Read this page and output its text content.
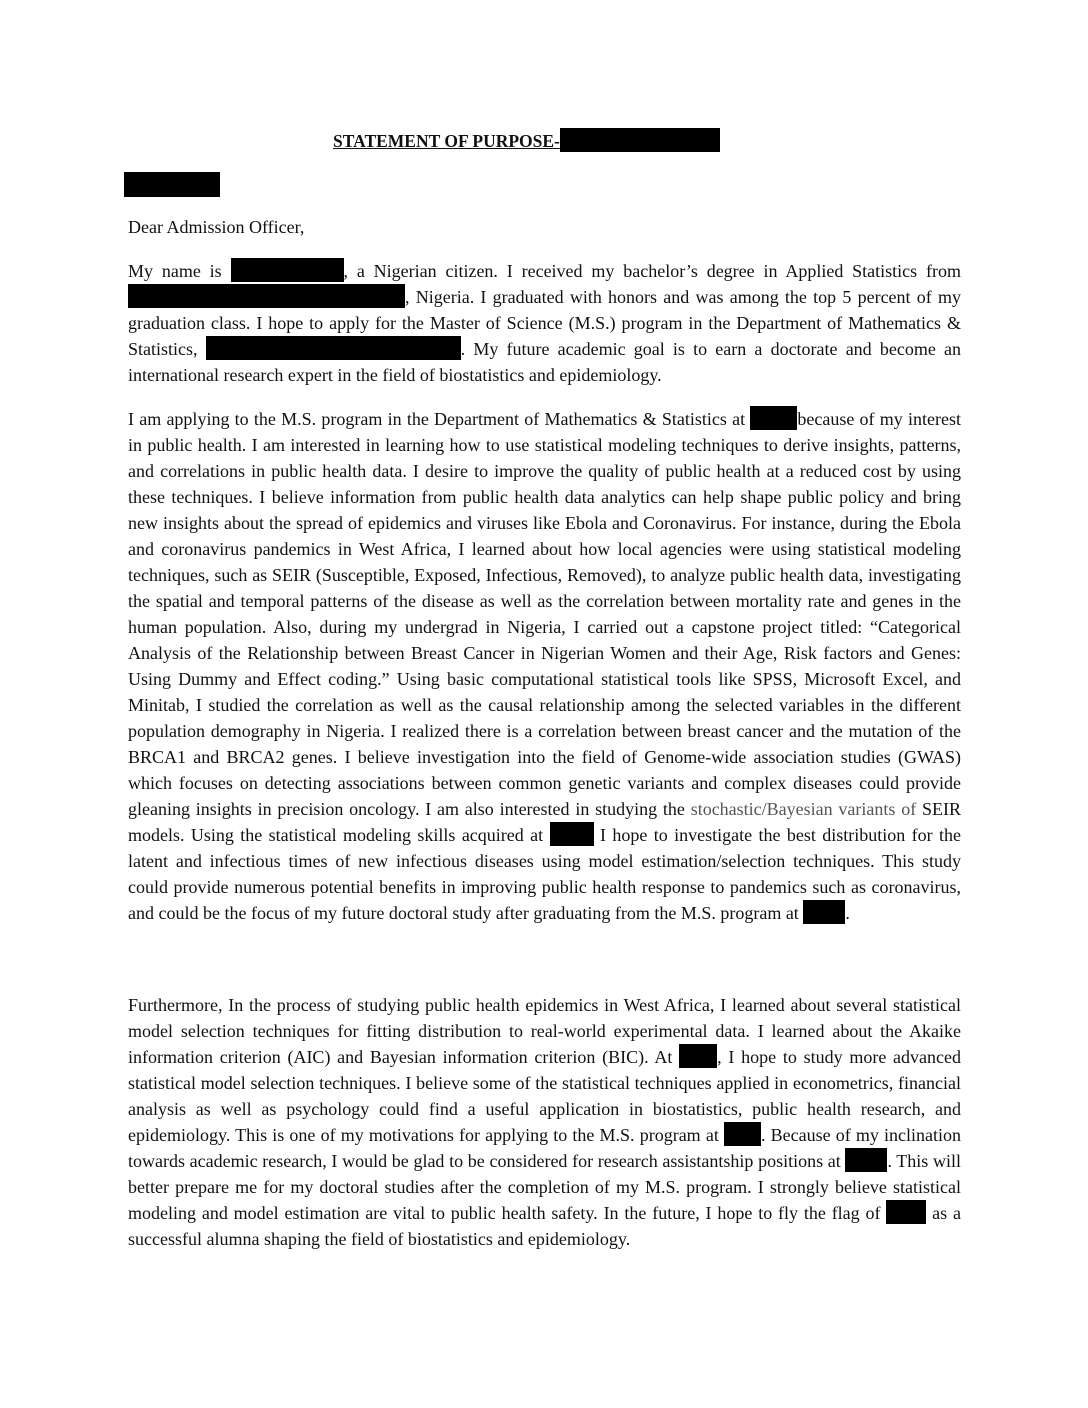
STATEMENT OF PURPOSE-
Dear Admission Officer,

My name is	, a Nigerian citizen. I received my bachelor’s degree in Applied Statistics from , Nigeria. I graduated with honors and was among the top 5 percent of my graduation class. I hope to apply for the Master of Science (M.S.) program in the Department of Mathematics & Statistics,	. My future academic goal is to earn a doctorate and become an international research expert in the field of biostatistics and epidemiology.

I am applying to the M.S. program in the Department of Mathematics & Statistics at	because of my interest in public health. I am interested in learning how to use statistical modeling techniques to derive insights, patterns, and correlations in public health data. I desire to improve the quality of public health at a reduced cost by using these techniques. I believe information from public health data analytics can help shape public policy and bring new insights about the spread of epidemics and viruses like Ebola and Coronavirus. For instance, during the Ebola and coronavirus pandemics in West Africa, I learned about how local agencies were using statistical modeling techniques, such as SEIR (Susceptible, Exposed, Infectious, Removed), to analyze public health data, investigating the spatial and temporal patterns of the disease as well as the correlation between mortality rate and genes in the human population. Also, during my undergrad in Nigeria, I carried out a capstone project titled: “Categorical Analysis of the Relationship between Breast Cancer in Nigerian Women and their Age, Risk factors and Genes: Using Dummy and Effect coding.” Using basic computational statistical tools like SPSS, Microsoft Excel, and Minitab, I studied the correlation as well as the causal relationship among the selected variables in the different population demography in Nigeria. I realized there is a correlation between breast cancer and the mutation of the BRCA1 and BRCA2 genes. I believe investigation into the field of Genome-wide association studies (GWAS) which focuses on detecting associations between common genetic variants and complex diseases could provide gleaning insights in precision oncology. I am also interested in studying the stochastic/Bayesian variants of SEIR models. Using the statistical modeling skills acquired at  I hope to investigate the best distribution for the latent and infectious times of new infectious diseases using model estimation/selection techniques. This study could provide numerous potential benefits in improving public health response to pandemics such as coronavirus, and could be the focus of my future doctoral study after graduating from the M.S. program at .

Furthermore, In the process of studying public health epidemics in West Africa, I learned about several statistical model selection techniques for fitting distribution to real-world experimental data. I learned about the Akaike information criterion (AIC) and Bayesian information criterion (BIC). At , I hope to study more advanced statistical model selection techniques. I believe some of the statistical techniques applied in econometrics, financial analysis as well as psychology could find a useful application in biostatistics, public health research, and epidemiology. This is one of my motivations for applying to the M.S. program at . Because of my inclination towards academic research, I would be glad to be considered for research assistantship positions at . This will better prepare me for my doctoral studies after the completion of my M.S. program. I strongly believe statistical modeling and model estimation are vital to public health safety. In the future, I hope to fly the flag of  as a successful alumna shaping the field of biostatistics and epidemiology.
